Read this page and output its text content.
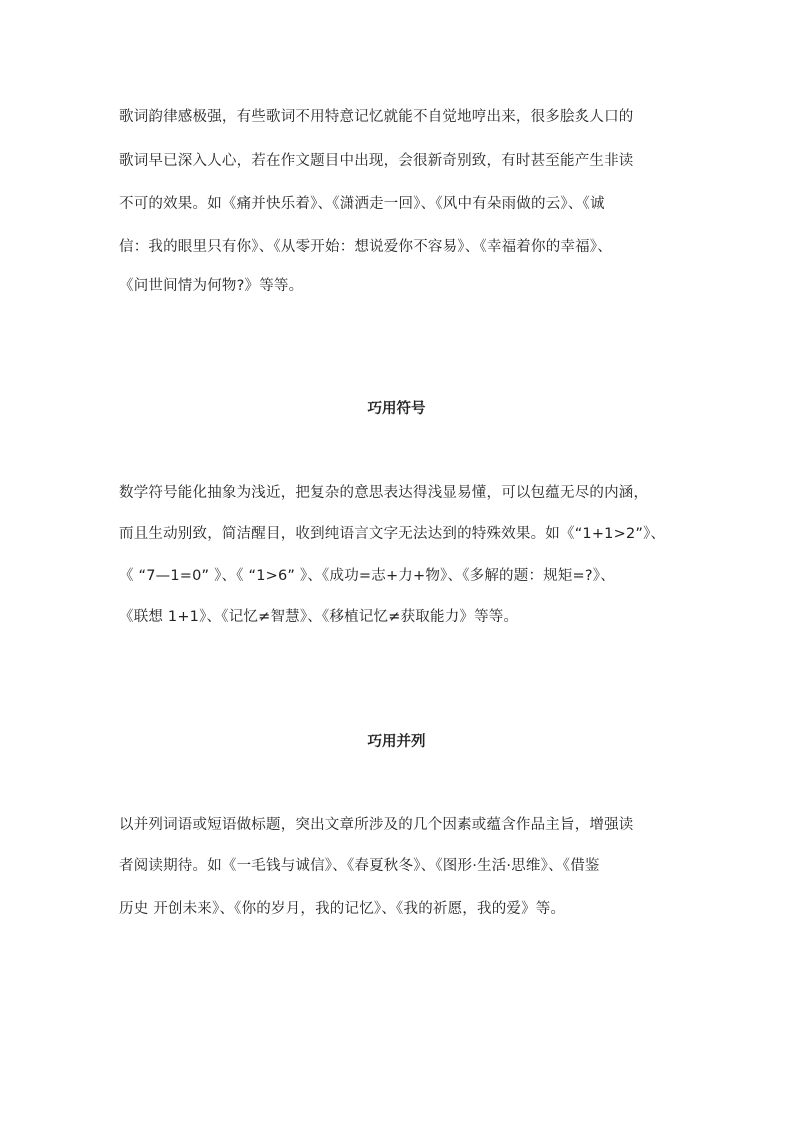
歌词韵律感极强，有些歌词不用特意记忆就能不自觉地哼出来，很多脍炙人口的
歌词早已深入人心，若在作文题目中出现，会很新奇别致，有时甚至能产生非读
不可的效果。如《痛并快乐着》、《潇洒走一回》、《风中有朵雨做的云》、《诚
信：我的眼里只有你》、《从零开始：想说爱你不容易》、《幸福着你的幸福》、
《问世间情为何物?》等等。
巧用符号
数学符号能化抽象为浅近，把复杂的意思表达得浅显易懂，可以包蕴无尽的内涵，
而且生动别致，简洁醒目，收到纯语言文字无法达到的特殊效果。如《“1+1>2”》、
《 “7—1=0” 》、《 “1>6” 》、《成功=志+力+物》、《多解的题：规矩=?》、
《联想 1+1》、《记忆≠智慧》、《移植记忆≠获取能力》等等。
巧用并列
以并列词语或短语做标题，突出文章所涉及的几个因素或蕴含作品主旨，增强读
者阅读期待。如《一毛钱与诚信》、《春夏秋冬》、《图形·生活·思维》、《借鉴
历史 开创未来》、《你的岁月，我的记忆》、《我的祈愿，我的爱》等。
